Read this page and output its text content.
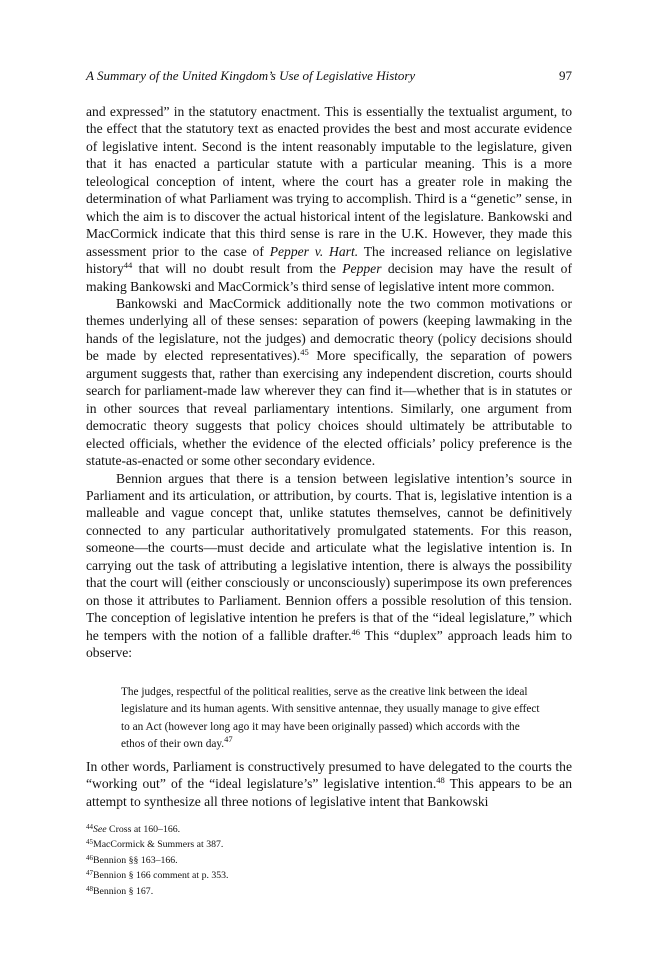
A Summary of the United Kingdom’s Use of Legislative History	97

and expressed” in the statutory enactment. This is essentially the textualist argument, to the effect that the statutory text as enacted provides the best and most accurate evidence of legislative intent. Second is the intent reasonably imputable to the legislature, given that it has enacted a particular statute with a particular meaning. This is a more teleological conception of intent, where the court has a greater role in making the determination of what Parliament was trying to accomplish. Third is a “genetic” sense, in which the aim is to discover the actual historical intent of the legislature. Bankowski and MacCormick indicate that this third sense is rare in the U.K. However, they made this assessment prior to the case of Pepper v. Hart. The increased reliance on legislative history$^{44}$ that will no doubt result from the Pepper decision may have the result of making Bankowski and MacCormick’s third sense of legislative intent more common.

Bankowski and MacCormick additionally note the two common motivations or themes underlying all of these senses: separation of powers (keeping lawmaking in the hands of the legislature, not the judges) and democratic theory (policy decisions should be made by elected representatives).$^{45}$ More specifically, the separation of powers argument suggests that, rather than exercising any independent discretion, courts should search for parliament-made law wherever they can find it—whether that is in statutes or in other sources that reveal parliamentary intentions. Similarly, one argument from democratic theory suggests that policy choices should ultimately be attributable to elected officials, whether the evidence of the elected officials’ policy preference is the statute-as-enacted or some other secondary evidence.

Bennion argues that there is a tension between legislative intention’s source in Parliament and its articulation, or attribution, by courts. That is, legislative intention is a malleable and vague concept that, unlike statutes themselves, cannot be definitively connected to any particular authoritatively promulgated statements. For this reason, someone—the courts—must decide and articulate what the legislative intention is. In carrying out the task of attributing a legislative intention, there is always the possibility that the court will (either consciously or unconsciously) superimpose its own preferences on those it attributes to Parliament. Bennion offers a possible resolution of this tension. The conception of legislative intention he prefers is that of the “ideal legislature,” which he tempers with the notion of a fallible drafter.$^{46}$ This “duplex” approach leads him to observe:

The judges, respectful of the political realities, serve as the creative link between the ideal legislature and its human agents. With sensitive antennae, they usually manage to give effect to an Act (however long ago it may have been originally passed) which accords with the ethos of their own day.$^{47}$
In other words, Parliament is constructively presumed to have delegated to the courts the “working out” of the “ideal legislature’s” legislative intention.$^{48}$ This appears to be an attempt to synthesize all three notions of legislative intent that Bankowski
$^{44}$See Cross at 160–166.
$^{45}$MacCormick & Summers at 387.
$^{46}$Bennion §§ 163–166.
$^{47}$Bennion § 166 comment at p. 353.
$^{48}$Bennion § 167.
